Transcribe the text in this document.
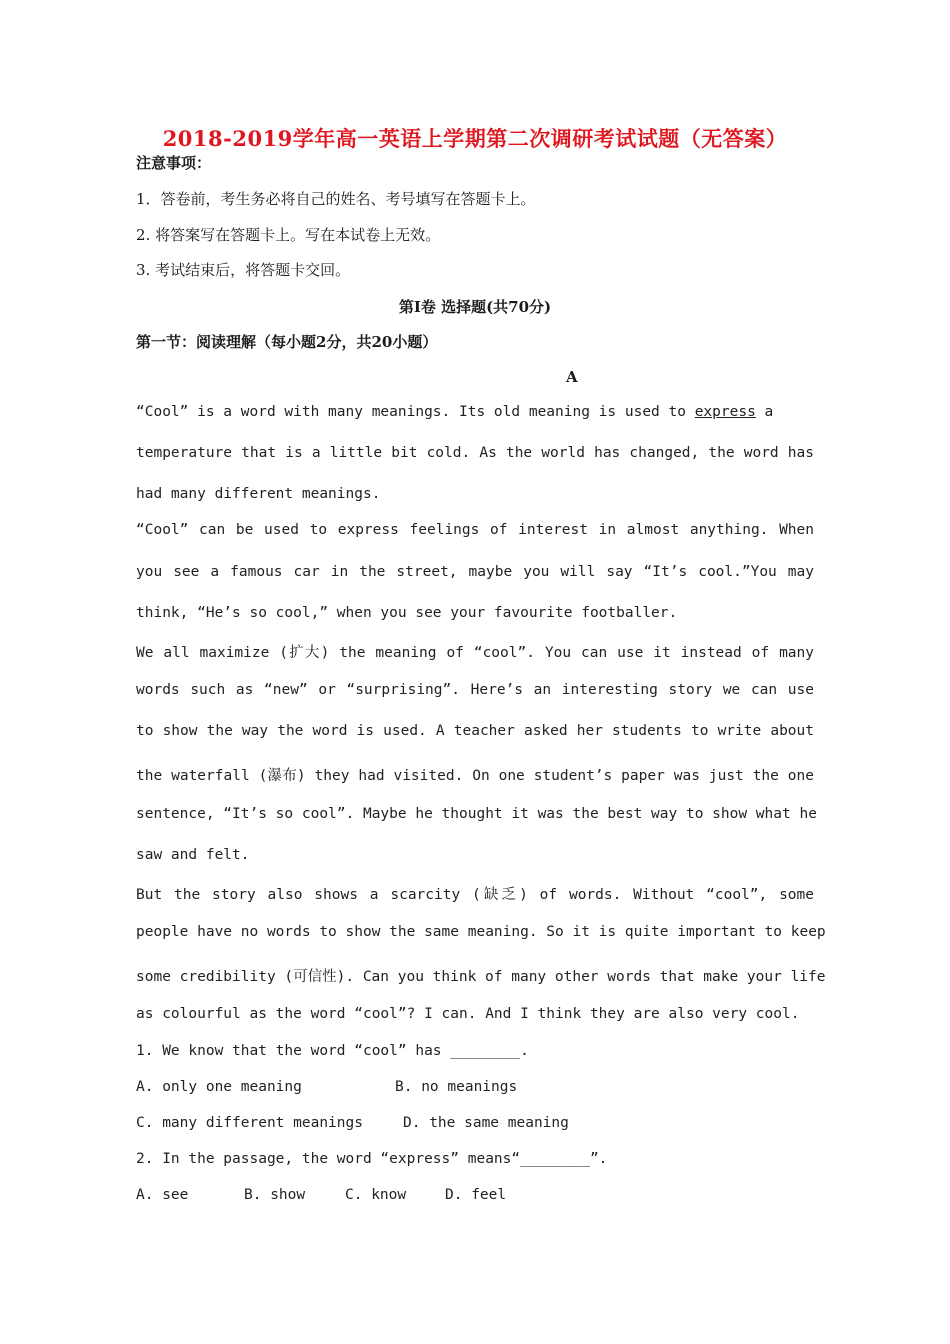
2018-2019学年高一英语上学期第二次调研考试试题（无答案）
注意事项：
1．答卷前，考生务必将自己的姓名、考号填写在答题卡上。
2. 将答案写在答题卡上。写在本试卷上无效。
3. 考试结束后，将答题卡交回。
第Ⅰ卷 选择题(共70分)
第一节：阅读理解（每小题2分，共20小题）
A
“Cool” is a word with many meanings. Its old meaning is used to express a
temperature that is a little bit cold. As the world has changed, the word has
had many different meanings.
“Cool” can be used to express feelings of interest in almost anything. When
you see a famous car in the street, maybe you will say “It’s cool.”You may
think, “He’s so cool,” when you see your favourite footballer.
We all maximize (扩大) the meaning of “cool”. You can use it instead of many
words such as “new” or “surprising”. Here’s an interesting story we can use
to show the way the word is used. A teacher asked her students to write about
the waterfall (瀑布) they had visited. On one student’s paper was just the one
sentence, “It’s so cool”. Maybe he thought it was the best way to show what he
saw and felt.
But the story also shows a scarcity (缺乏) of words. Without “cool”, some
people have no words to show the same meaning. So it is quite important to keep
some credibility (可信性). Can you think of many other words that make your life
as colourful as the word “cool”? I can. And I think they are also very cool.
1. We know that the word “cool” has ________.
A. only one meaning	B. no meanings
C. many different meanings	D. the same meaning
2. In the passage, the word “express” means“________”.
A. see	B. show	C. know	D. feel
